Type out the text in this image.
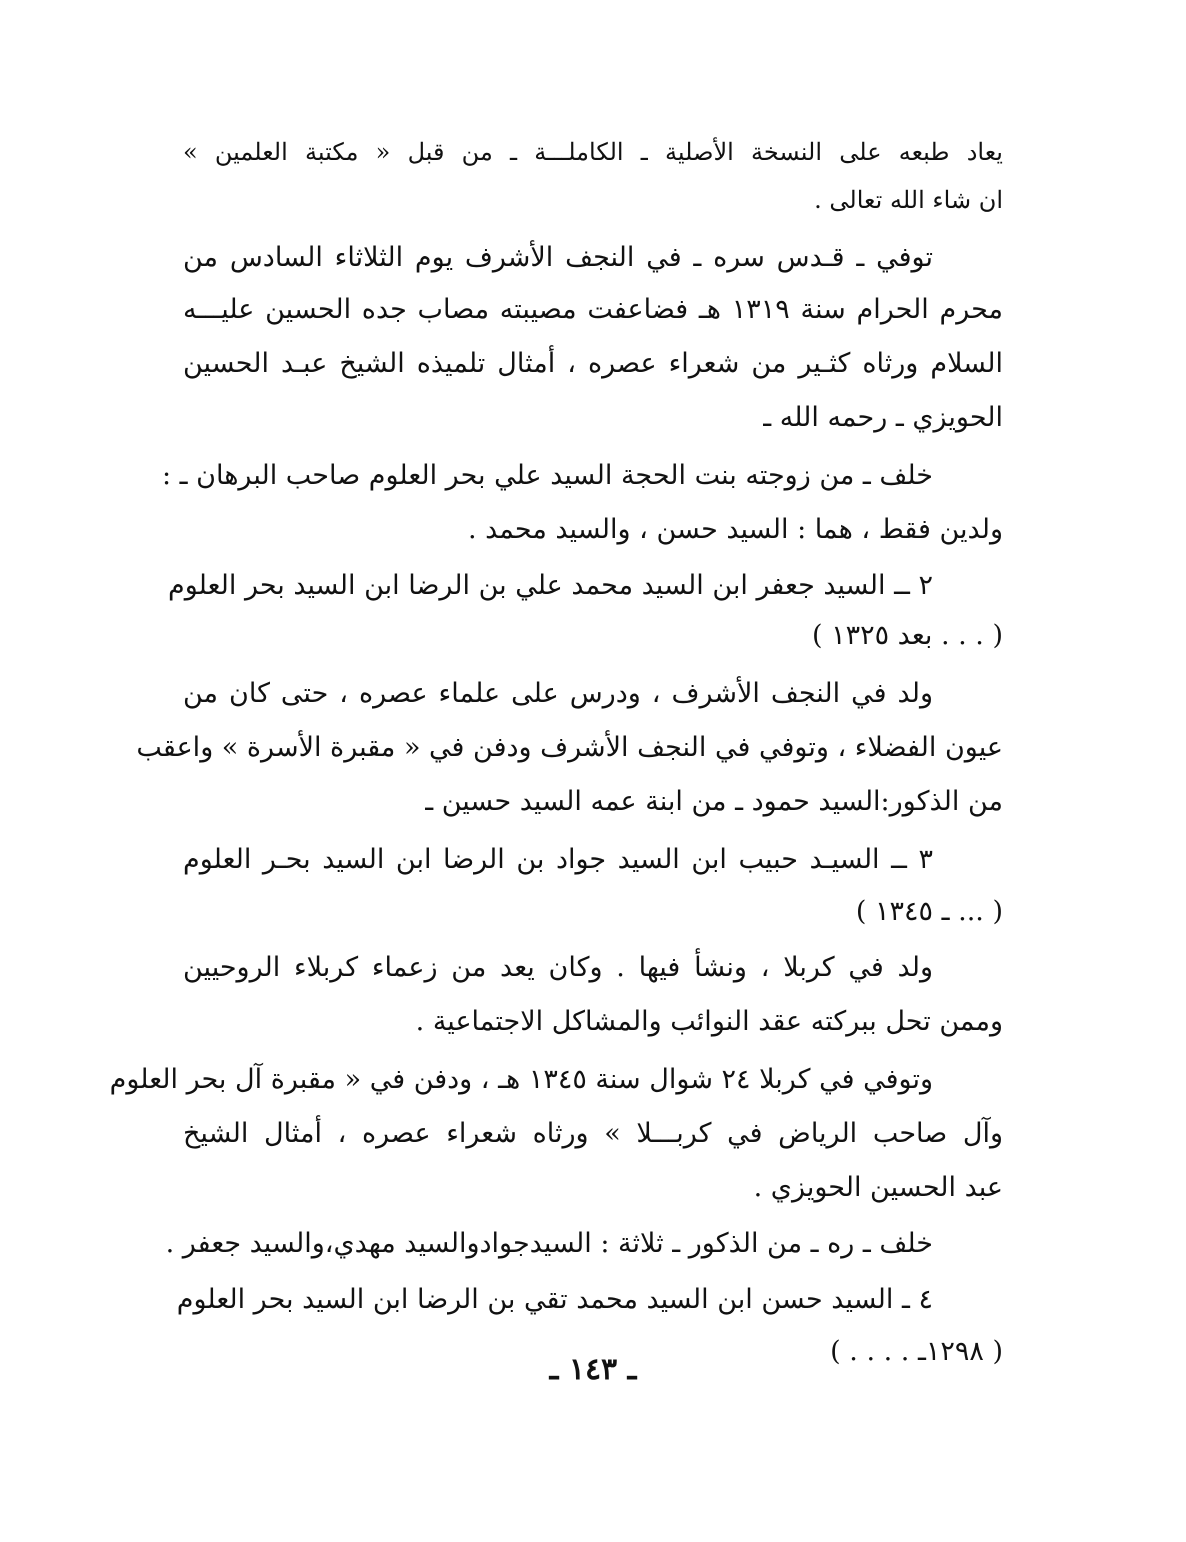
يعاد طبعه على النسخة الأصلية ـ الكاملـــة ـ من قبل « مكتبة العلمين »
ان شاء الله تعالى .
توفي ـ قـدس سره ـ في النجف الأشرف يوم الثلاثاء السادس من
محرم الحرام سنة ١٣١٩ هـ فضاعفت مصيبته مصاب جده الحسين عليـــه
السلام ورثاه كثـير من شعراء عصره ، أمثال تلميذه الشيخ عبـد الحسين
الحويزي ـ رحمه الله ـ
خلف ـ من زوجته بنت الحجة السيد علي بحر العلوم صاحب البرهان ـ :
ولدين فقط ، هما : السيد حسن ، والسيد محمد .
٢ ــ السيد جعفر ابن السيد محمد علي بن الرضا ابن السيد بحر العلوم
( . . . بعد ١٣٢٥ )
ولد في النجف الأشرف ، ودرس على علماء عصره ، حتى كان من
عيون الفضلاء ، وتوفي في النجف الأشرف ودفن في « مقبرة الأسرة » واعقب
من الذكور:السيد حمود ـ من ابنة عمه السيد حسين ـ
٣ ــ السيـد حبيب ابن السيد جواد بن الرضا ابن السيد بحـر العلوم
( ... ـ ١٣٤٥ )
ولد في كربلا ، ونشأ فيها . وكان يعد من زعماء كربلاء الروحيين
وممن تحل ببركته عقد النوائب والمشاكل الاجتماعية .
وتوفي في كربلا ٢٤ شوال سنة ١٣٤٥ هـ ، ودفن في « مقبرة آل بحر العلوم
وآل صاحب الرياض في كربـــلا » ورثاه شعراء عصره ، أمثال الشيخ
عبد الحسين الحويزي .
خلف ـ ره ـ من الذكور ـ ثلاثة : السيدجوادوالسيد مهدي،والسيد جعفر .
٤ ـ السيد حسن ابن السيد محمد تقي بن الرضا ابن السيد بحر العلوم
( ١٢٩٨ـ . . . . )
ـ ١٤٣ ـ
